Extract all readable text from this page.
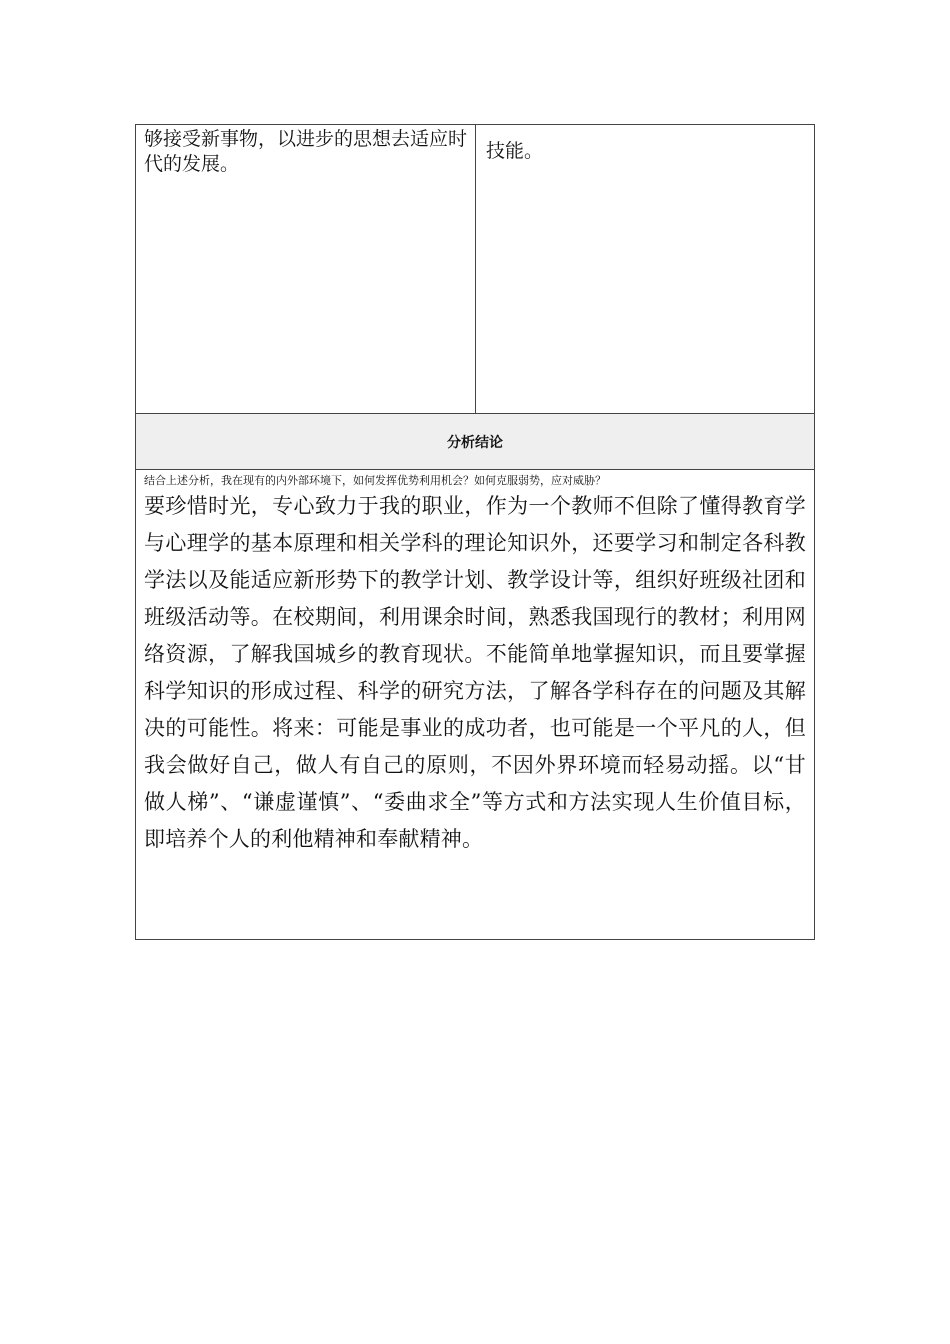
够接受新事物，以进步的思想去适应时代的发展。
技能。
分析结论

结合上述分析，我在现有的内外部环境下，如何发挥优势利用机会？如何克服弱势，应对威胁？

要珍惜时光，专心致力于我的职业，作为一个教师不但除了懂得教育学与心理学的基本原理和相关学科的理论知识外，还要学习和制定各科教学法以及能适应新形势下的教学计划、教学设计等，组织好班级社团和班级活动等。在校期间，利用课余时间，熟悉我国现行的教材；利用网络资源，了解我国城乡的教育现状。不能简单地掌握知识，而且要掌握科学知识的形成过程、科学的研究方法，了解各学科存在的问题及其解决的可能性。将来：可能是事业的成功者，也可能是一个平凡的人，但我会做好自己，做人有自己的原则，不因外界环境而轻易动摇。以“甘做人梯”、“谦虚谨慎”、“委曲求全”等方式和方法实现人生价值目标，即培养个人的利他精神和奉献精神。
